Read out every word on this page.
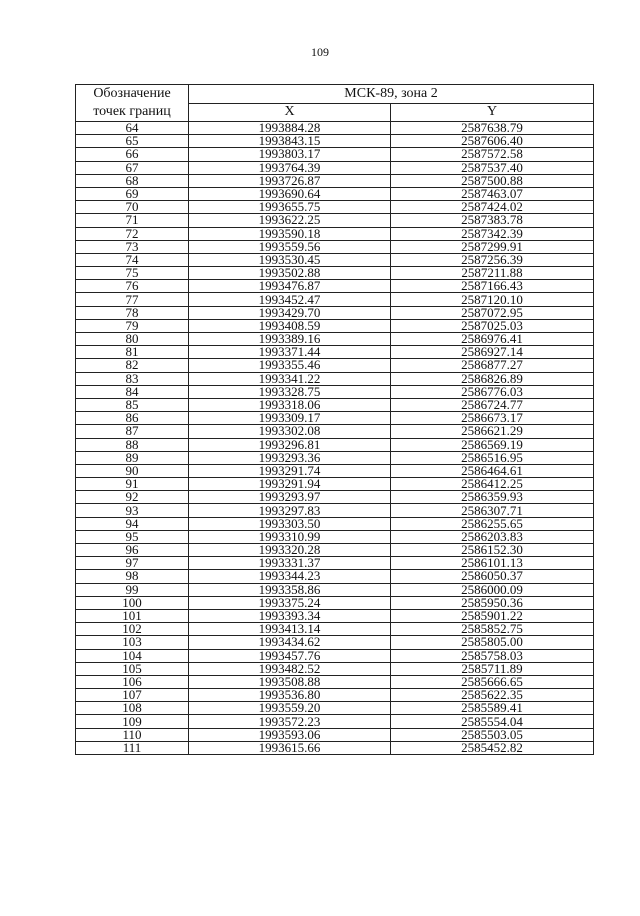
109
Обозначение точек границ	МСК-89, зона 2	
	X	Y
64	1993884.28	2587638.79
65	1993843.15	2587606.40
66	1993803.17	2587572.58
67	1993764.39	2587537.40
68	1993726.87	2587500.88
69	1993690.64	2587463.07
70	1993655.75	2587424.02
71	1993622.25	2587383.78
72	1993590.18	2587342.39
73	1993559.56	2587299.91
74	1993530.45	2587256.39
75	1993502.88	2587211.88
76	1993476.87	2587166.43
77	1993452.47	2587120.10
78	1993429.70	2587072.95
79	1993408.59	2587025.03
80	1993389.16	2586976.41
81	1993371.44	2586927.14
82	1993355.46	2586877.27
83	1993341.22	2586826.89
84	1993328.75	2586776.03
85	1993318.06	2586724.77
86	1993309.17	2586673.17
87	1993302.08	2586621.29
88	1993296.81	2586569.19
89	1993293.36	2586516.95
90	1993291.74	2586464.61
91	1993291.94	2586412.25
92	1993293.97	2586359.93
93	1993297.83	2586307.71
94	1993303.50	2586255.65
95	1993310.99	2586203.83
96	1993320.28	2586152.30
97	1993331.37	2586101.13
98	1993344.23	2586050.37
99	1993358.86	2586000.09
100	1993375.24	2585950.36
101	1993393.34	2585901.22
102	1993413.14	2585852.75
103	1993434.62	2585805.00
104	1993457.76	2585758.03
105	1993482.52	2585711.89
106	1993508.88	2585666.65
107	1993536.80	2585622.35
108	1993559.20	2585589.41
109	1993572.23	2585554.04
110	1993593.06	2585503.05
111	1993615.66	2585452.82
